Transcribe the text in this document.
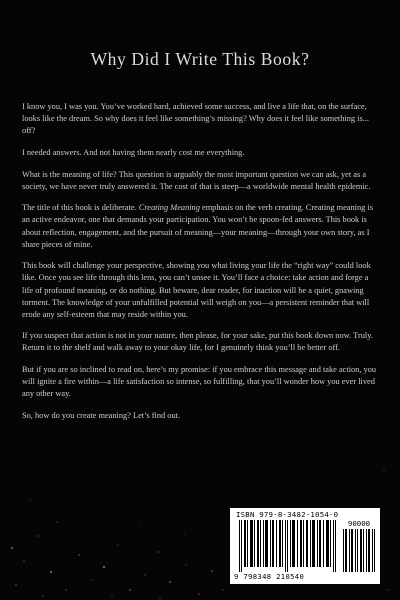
Why Did I Write This Book?

I know you, I was you. You’ve worked hard, achieved some success, and live a life that, on the surface, looks like the dream. So why does it feel like something’s missing? Why does it feel like something is... off?

I needed answers. And not having them nearly cost me everything.

What is the meaning of life? This question is arguably the most important question we can ask, yet as a society, we have never truly answered it. The cost of that is steep—a worldwide mental health epidemic.

The title of this book is deliberate. Creating Meaning emphasis on the verb creating. Creating meaning is an active endeavor, one that demands your participation. You won’t be spoon-fed answers. This book is about reflection, engagement, and the pursuit of meaning—your meaning—through your own story, as I share pieces of mine.

This book will challenge your perspective, showing you what living your life the “right way” could look like. Once you see life through this lens, you can’t unsee it. You’ll face a choice: take action and forge a life of profound meaning, or do nothing. But beware, dear reader, for inaction will be a quiet, gnawing torment. The knowledge of your unfulfilled potential will weigh on you—a persistent reminder that will erode any self-esteem that may reside within you.

If you suspect that action is not in your nature, then please, for your sake, put this book down now. Truly. Return it to the shelf and walk away to your okay life, for I genuinely think you’ll be better off.

But if you are so inclined to read on, here’s my promise: if you embrace this message and take action, you will ignite a fire within—a life satisfaction so intense, so fulfilling, that you’ll wonder how you ever lived any other way.

So, how do you create meaning? Let’s find out.

ISBN 979-8-3482-1054-0
90000
9 798348 210540
